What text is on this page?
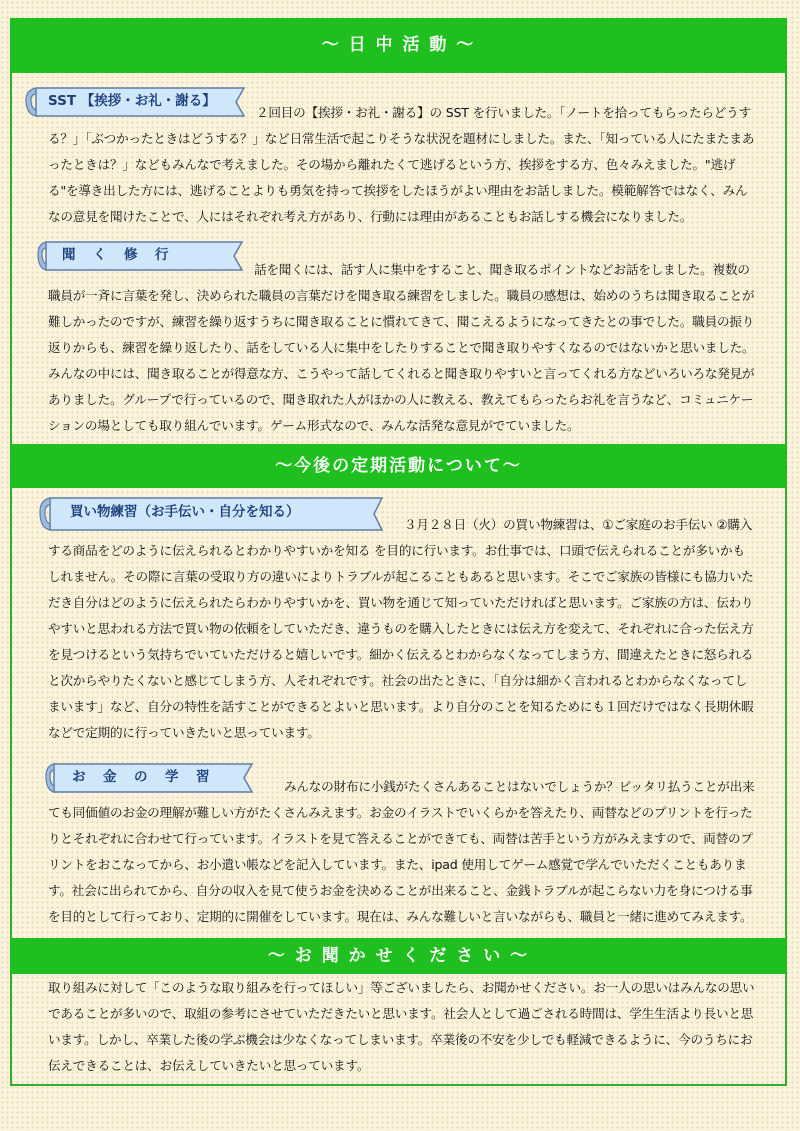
～ 日 中 活 動 ～
SST 【挨拶・お礼・謝る】

２回目の【挨拶・お礼・謝る】の SST を行いました。「ノートを拾ってもらったらどうする？」「ぶつかったときはどうする？」など日常生活で起こりそうな状況を題材にしました。また、「知っている人にたまたまあったときは？」などもみんなで考えました。その場から離れたくて逃げるという方、挨拶をする方、色々みえました。"逃げる"を導き出した方には、逃げることよりも勇気を持って挨拶をしたほうがよい理由をお話しました。模範解答ではなく、みんなの意見を聞けたことで、人にはそれぞれ考え方があり、行動には理由があることもお話しする機会になりました。

聞　く　修　行

話を聞くには、話す人に集中をすること、聞き取るポイントなどお話をしました。複数の職員が一斉に言葉を発し、決められた職員の言葉だけを聞き取る練習をしました。職員の感想は、始めのうちは聞き取ることが難しかったのですが、練習を繰り返すうちに聞き取ることに慣れてきて、聞こえるようになってきたとの事でした。職員の振り返りからも、練習を繰り返したり、話をしている人に集中をしたりすることで聞き取りやすくなるのではないかと思いました。みんなの中には、聞き取ることが得意な方、こうやって話してくれると聞き取りやすいと言ってくれる方などいろいろな発見がありました。グループで行っているので、聞き取れた人がほかの人に教える、教えてもらったらお礼を言うなど、コミュニケーションの場としても取り組んでいます。ゲーム形式なので、みんな活発な意見がでていました。

～今後の定期活動について～
買い物練習（お手伝い・自分を知る）

３月２８日（火）の買い物練習は、①ご家庭のお手伝い ②購入する商品をどのように伝えられるとわかりやすいかを知る を目的に行います。お仕事では、口頭で伝えられることが多いかもしれません。その際に言葉の受取り方の違いによりトラブルが起こることもあると思います。そこでご家族の皆様にも協力いただき自分はどのように伝えられたらわかりやすいかを、買い物を通じて知っていただければと思います。ご家族の方は、伝わりやすいと思われる方法で買い物の依頼をしていただき、違うものを購入したときには伝え方を変えて、それぞれに合った伝え方を見つけるという気持ちでいていただけると嬉しいです。細かく伝えるとわからなくなってしまう方、間違えたときに怒られると次からやりたくないと感じてしまう方、人それぞれです。社会の出たときに、「自分は細かく言われるとわからなくなってしまいます」など、自分の特性を話すことができるとよいと思います。より自分のことを知るためにも１回だけではなく長期休暇などで定期的に行っていきたいと思っています。

お　金　の　学　習

みんなの財布に小銭がたくさんあることはないでしょうか？ピッタリ払うことが出来ても同価値のお金の理解が難しい方がたくさんみえます。お金のイラストでいくらかを答えたり、両替などのプリントを行ったりとそれぞれに合わせて行っています。イラストを見て答えることができても、両替は苦手という方がみえますので、両替のプリントをおこなってから、お小遣い帳などを記入しています。また、ipad 使用してゲーム感覚で学んでいただくこともあります。社会に出られてから、自分の収入を見て使うお金を決めることが出来ること、金銭トラブルが起こらない力を身につける事を目的として行っており、定期的に開催をしています。現在は、みんな難しいと言いながらも、職員と一緒に進めてみえます。

～ お 聞 か せ く だ さ い ～

取り組みに対して「このような取り組みを行ってほしい」等ございましたら、お聞かせください。お一人の思いはみんなの思いであることが多いので、取組の参考にさせていただきたいと思います。社会人として過ごされる時間は、学生生活より長いと思います。しかし、卒業した後の学ぶ機会は少なくなってしまいます。卒業後の不安を少しでも軽減できるように、今のうちにお伝えできることは、お伝えしていきたいと思っています。
